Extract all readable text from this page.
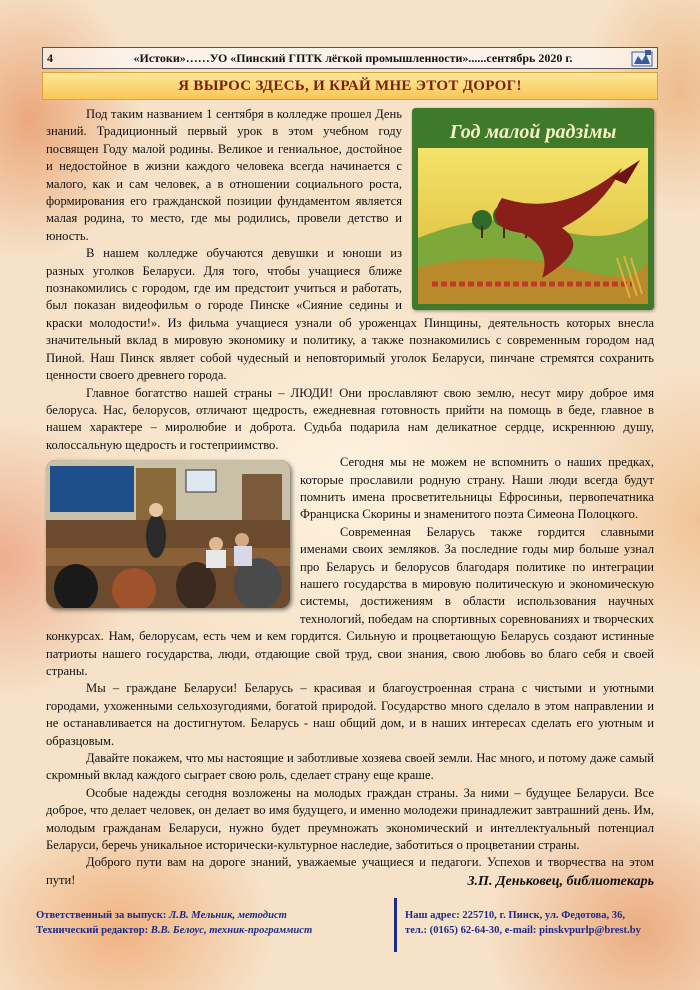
4	«Истоки»……УО «Пинский ГПТК лёгкой промышленности»......сентябрь 2020 г.
Я ВЫРОС ЗДЕСЬ, И КРАЙ МНЕ ЭТОТ ДОРОГ!
Год малой радзімы

Под таким названием 1 сентября в колледже прошел День знаний. Традиционный первый урок в этом учебном году посвящен Году малой родины. Великое и гениальное, достойное и недостойное в жизни каждого человека всегда начинается с малого, как и сам человек, а в отношении социального роста, формирования его гражданской позиции фундаментом является малая родина, то место, где мы родились, провели детство и юность.

В нашем колледже обучаются девушки и юноши из разных уголков Беларуси. Для того, чтобы учащиеся ближе познакомились с городом, где им предстоит учиться и работать, был показан видеофильм о городе Пинске «Сияние седины и краски молодости!». Из фильма учащиеся узнали об уроженцах Пинщины, деятельность которых внесла значительный вклад в мировую экономику и политику, а также познакомились с современным городом над Пиной. Наш Пинск являет собой чудесный и неповторимый уголок Беларуси, пинчане стремятся сохранить ценности своего древнего города.

Главное богатство нашей страны – ЛЮДИ! Они прославляют свою землю, несут миру доброе имя белоруса. Нас, белорусов, отличают щедрость, ежедневная готовность прийти на помощь в беде, главное в нашем характере – миролюбие и доброта. Судьба подарила нам деликатное сердце, искреннюю душу, колоссальную щедрость и гостеприимство.

Сегодня мы не можем не вспомнить о наших предках, которые прославили родную страну. Наши люди всегда будут помнить имена просветительницы Ефросиньи, первопечатника Франциска Скорины и знаменитого поэта Симеона Полоцкого.

Современная Беларусь также гордится славными именами своих земляков. За последние годы мир больше узнал про Беларусь и белорусов благодаря политике по интеграции нашего государства в мировую политическую и экономическую системы, достижениям в области использования научных технологий, победам на спортивных соревнованиях и творческих конкурсах. Нам, белорусам, есть чем и кем гордится. Сильную и процветающую Беларусь создают истинные патриоты нашего государства, люди, отдающие свой труд, свои знания, свою любовь во благо себя и своей страны.

Мы – граждане Беларуси! Беларусь – красивая и благоустроенная страна с чистыми и уютными городами, ухоженными сельхозугодиями, богатой природой. Государство много сделало в этом направлении и не останавливается на достигнутом. Беларусь - наш общий дом, и в наших интересах сделать его уютным и образцовым.

Давайте покажем, что мы настоящие и заботливые хозяева своей земли. Нас много, и потому даже самый скромный вклад каждого сыграет свою роль, сделает страну еще краше.

Особые надежды сегодня возложены на молодых граждан страны. За ними – будущее Беларуси. Все доброе, что делает человек, он делает во имя будущего, и именно молодежи принадлежит завтрашний день. Им, молодым гражданам Беларуси, нужно будет преумножать экономический и интеллектуальный потенциал Беларуси, беречь уникальное исторически-культурное наследие, заботиться о процветании страны.

Доброго пути вам на дороге знаний, уважаемые учащиеся и педагоги. Успехов и творчества на этом пути!	З.П. Деньковец, библиотекарь
Ответственный за выпуск: Л.В. Мельник, методист
Технический редактор: В.В. Белоус, техник-программист
Наш адрес: 225710, г. Пинск, ул. Федотова, 36,
тел.: (0165) 62-64-30, e-mail: pinskvpurlp@brest.by
